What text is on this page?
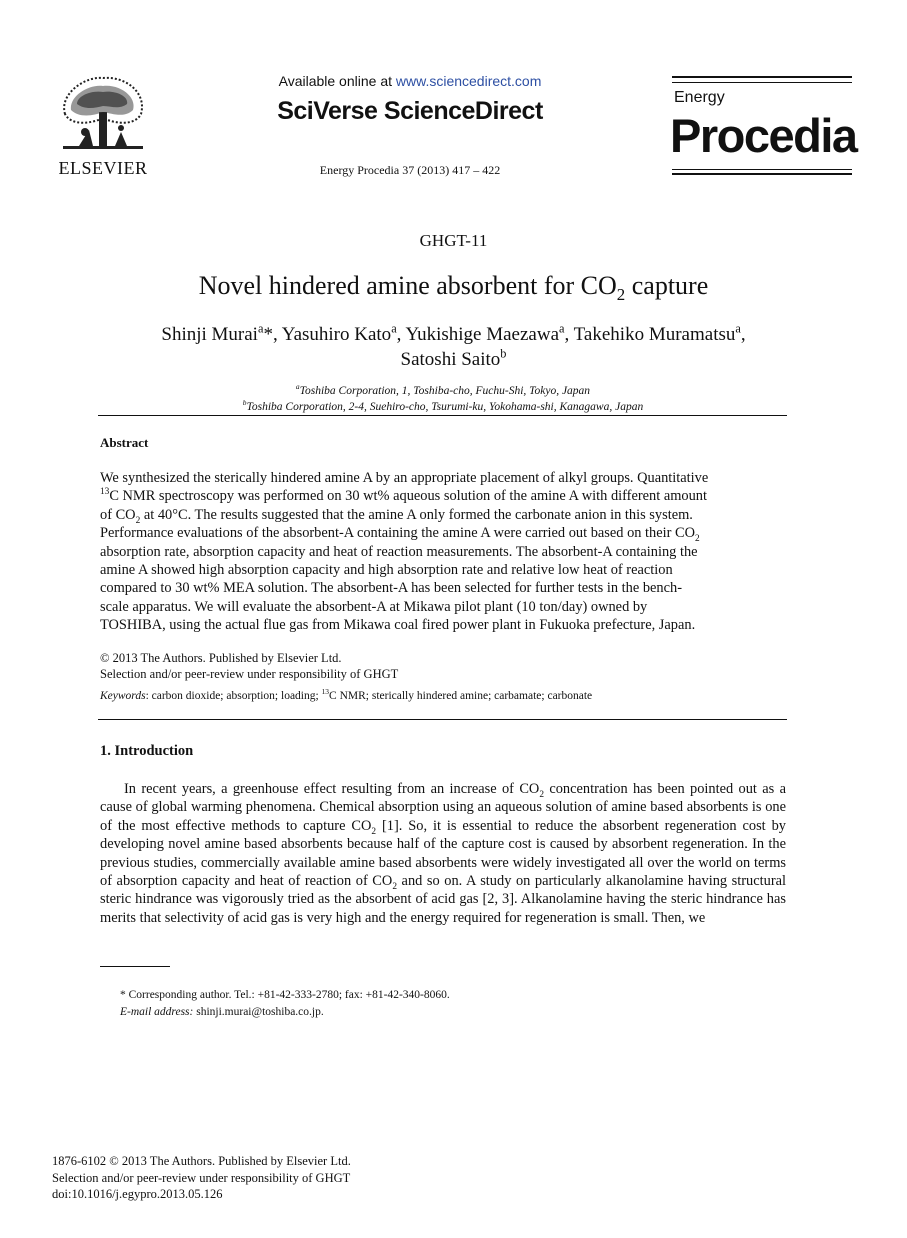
ELSEVIER
Available online at www.sciencedirect.com
SciVerse ScienceDirect
Energy Procedia 37 (2013) 417 – 422
Energy
Procedia
GHGT-11
Novel hindered amine absorbent for $CO_2$ capture
Shinji Murai$^a$*, Yasuhiro Kato$^a$, Yukishige Maezawa$^a$, Takehiko Muramatsu$^a$,
Satoshi Saito$^b$
$^a$Toshiba Corporation, 1, Toshiba-cho, Fuchu-Shi, Tokyo, Japan
$^b$Toshiba Corporation, 2-4, Suehiro-cho, Tsurumi-ku, Yokohama-shi, Kanagawa, Japan
Abstract
We synthesized the sterically hindered amine A by an appropriate placement of alkyl groups. Quantitative
$^{13}$C NMR spectroscopy was performed on 30 wt% aqueous solution of the amine A with different amount
of $CO_2$ at 40°C. The results suggested that the amine A only formed the carbonate anion in this system.
Performance evaluations of the absorbent-A containing the amine A were carried out based on their $CO_2$
absorption rate, absorption capacity and heat of reaction measurements. The absorbent-A containing the
amine A showed high absorption capacity and high absorption rate and relative low heat of reaction
compared to 30 wt% MEA solution. The absorbent-A has been selected for further tests in the bench-
scale apparatus. We will evaluate the absorbent-A at Mikawa pilot plant (10 ton/day) owned by
TOSHIBA, using the actual flue gas from Mikawa coal fired power plant in Fukuoka prefecture, Japan.
© 2013 The Authors. Published by Elsevier Ltd.
Selection and/or peer-review under responsibility of GHGT
Keywords: carbon dioxide; absorption; loading; $^{13}$C NMR; sterically hindered amine; carbamate; carbonate
1. Introduction
In recent years, a greenhouse effect resulting from an increase of $CO_2$ concentration has been pointed out as a cause of global warming phenomena. Chemical absorption using an aqueous solution of amine based absorbents is one of the most effective methods to capture $CO_2$ [1]. So, it is essential to reduce the absorbent regeneration cost by developing novel amine based absorbents because half of the capture cost is caused by absorbent regeneration. In the previous studies, commercially available amine based absorbents were widely investigated all over the world on terms of absorption capacity and heat of reaction of $CO_2$ and so on. A study on particularly alkanolamine having structural steric hindrance was vigorously tried as the absorbent of acid gas [2, 3]. Alkanolamine having the steric hindrance has merits that selectivity of acid gas is very high and the energy required for regeneration is small. Then, we
* Corresponding author. Tel.: +81-42-333-2780; fax: +81-42-340-8060.
E-mail address: shinji.murai@toshiba.co.jp.
1876-6102 © 2013 The Authors. Published by Elsevier Ltd.
Selection and/or peer-review under responsibility of GHGT
doi:10.1016/j.egypro.2013.05.126
